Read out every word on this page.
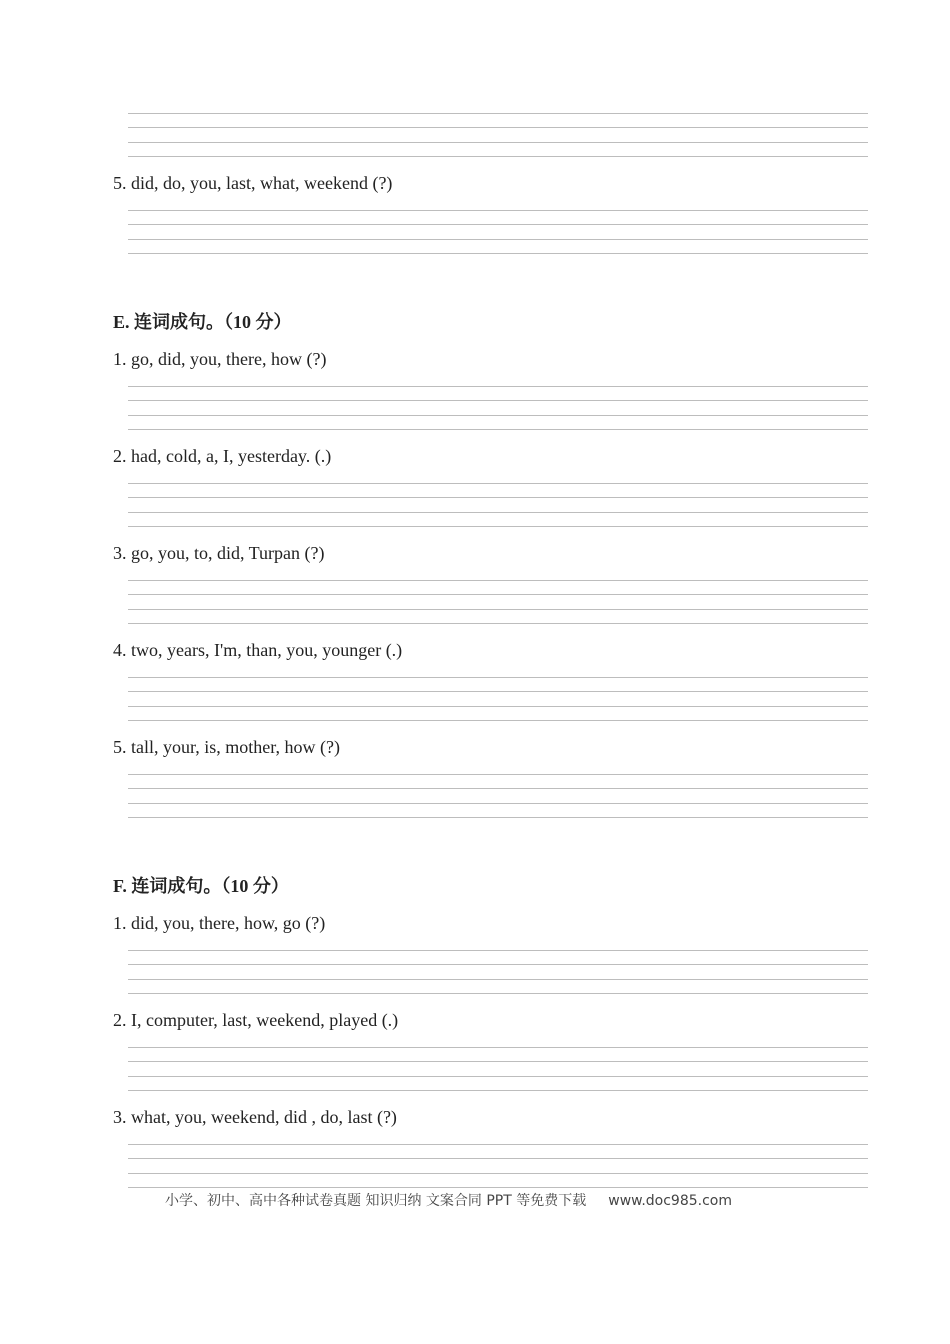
5. did, do, you, last, what, weekend (?)
E. 连词成句。（10 分）
1. go, did, you, there, how (?)
2. had, cold, a, I, yesterday. (.)
3. go, you, to, did, Turpan (?)
4. two, years, I'm, than, you, younger (.)
5. tall, your, is, mother, how (?)
F. 连词成句。（10 分）
1. did, you, there, how, go (?)
2. I, computer, last, weekend, played (.)
3. what, you, weekend, did , do, last (?)
小学、初中、高中各种试卷真题 知识归纳 文案合同 PPT 等免费下载 www.doc985.com
